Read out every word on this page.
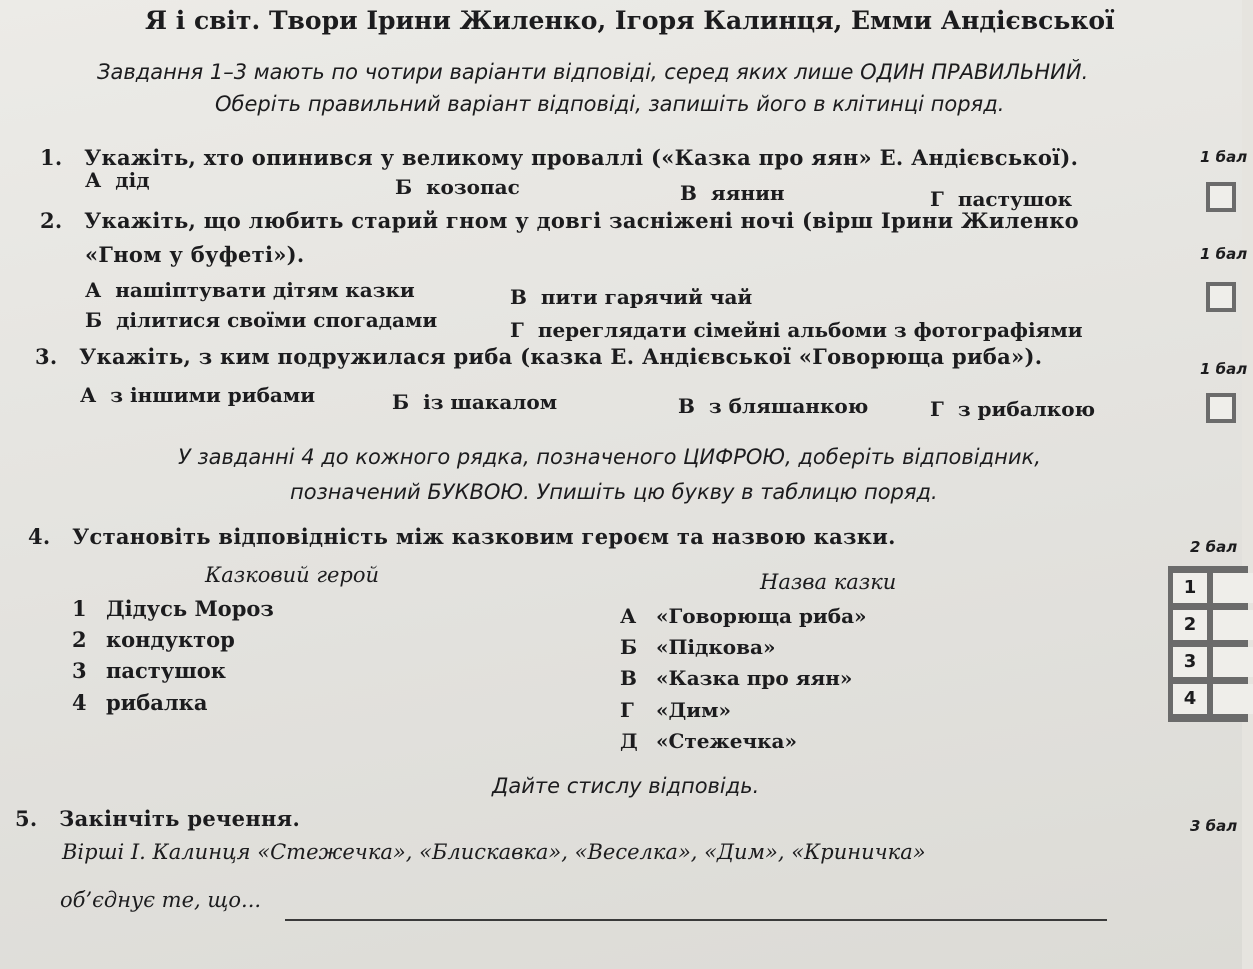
Я і світ. Твори Ірини Жиленко, Ігоря Калинця, Емми Андієвської
Завдання 1–3 мають по чотири варіанти відповіді, серед яких лише ОДИН ПРАВИЛЬНИЙ.
Оберіть правильний варіант відповіді, запишіть його в клітинці поряд.
1. Укажіть, хто опинився у великому проваллі («Казка про яян» Е. Андієвської).	1 бал
А дід	Б козопас	В яянин	Г пастушок
2. Укажіть, що любить старий гном у довгі засніжені ночі (вірш Ірини Жиленко
«Гном у буфеті»).	1 бал
А нашіптувати дітям казки	В пити гарячий чай
Б ділитися своїми спогадами	Г переглядати сімейні альбоми з фотографіями
3. Укажіть, з ким подружилася риба (казка Е. Андієвської «Говорюща риба»).	1 бал
А з іншими рибами	Б із шакалом	В з бляшанкою	Г з рибалкою
У завданні 4 до кожного рядка, позначеного ЦИФРОЮ, доберіть відповідник,
позначений БУКВОЮ. Упишіть цю букву в таблицю поряд.
4. Установіть відповідність між казковим героєм та назвою казки.	2 бал
Казковий герой	Назва казки
1 Дідусь Мороз
2 кондуктор
3 пастушок
4 рибалка
А «Говорюща риба»
Б «Підкова»
В «Казка про яян»
Г «Дим»
Д «Стежечка»
1
2
3
4
Дайте стислу відповідь.
5. Закінчіть речення.	3 бал
Вірші І. Калинця «Стежечка», «Блискавка», «Веселка», «Дим», «Криничка»
об’єднує те, що...
